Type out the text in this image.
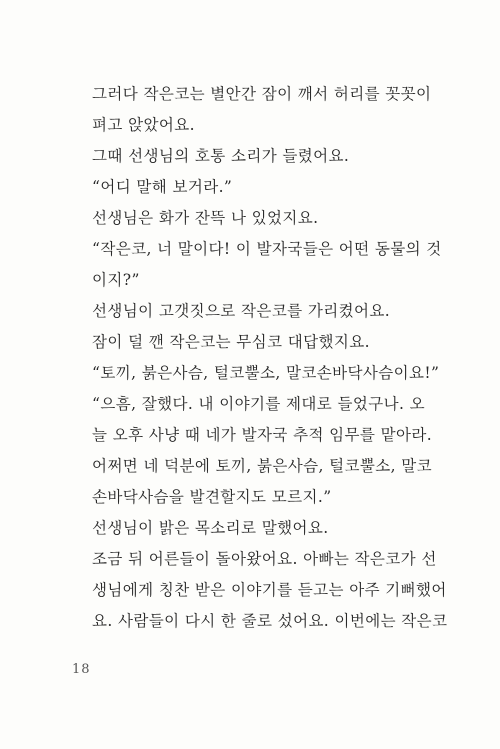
그러다 작은코는 별안간 잠이 깨서 허리를 꼿꼿이
펴고 앉았어요.
그때 선생님의 호통 소리가 들렸어요.
“어디 말해 보거라.”
선생님은 화가 잔뜩 나 있었지요.
“작은코, 너 말이다! 이 발자국들은 어떤 동물의 것
이지?”
선생님이 고갯짓으로 작은코를 가리켰어요.
잠이 덜 깬 작은코는 무심코 대답했지요.
“토끼, 붉은사슴, 털코뿔소, 말코손바닥사슴이요!”
“으흠, 잘했다. 내 이야기를 제대로 들었구나. 오
늘 오후 사냥 때 네가 발자국 추적 임무를 맡아라.
어쩌면 네 덕분에 토끼, 붉은사슴, 털코뿔소, 말코
손바닥사슴을 발견할지도 모르지.”
선생님이 밝은 목소리로 말했어요.
조금 뒤 어른들이 돌아왔어요. 아빠는 작은코가 선
생님에게 칭찬 받은 이야기를 듣고는 아주 기뻐했어
요. 사람들이 다시 한 줄로 섰어요. 이번에는 작은코
18
